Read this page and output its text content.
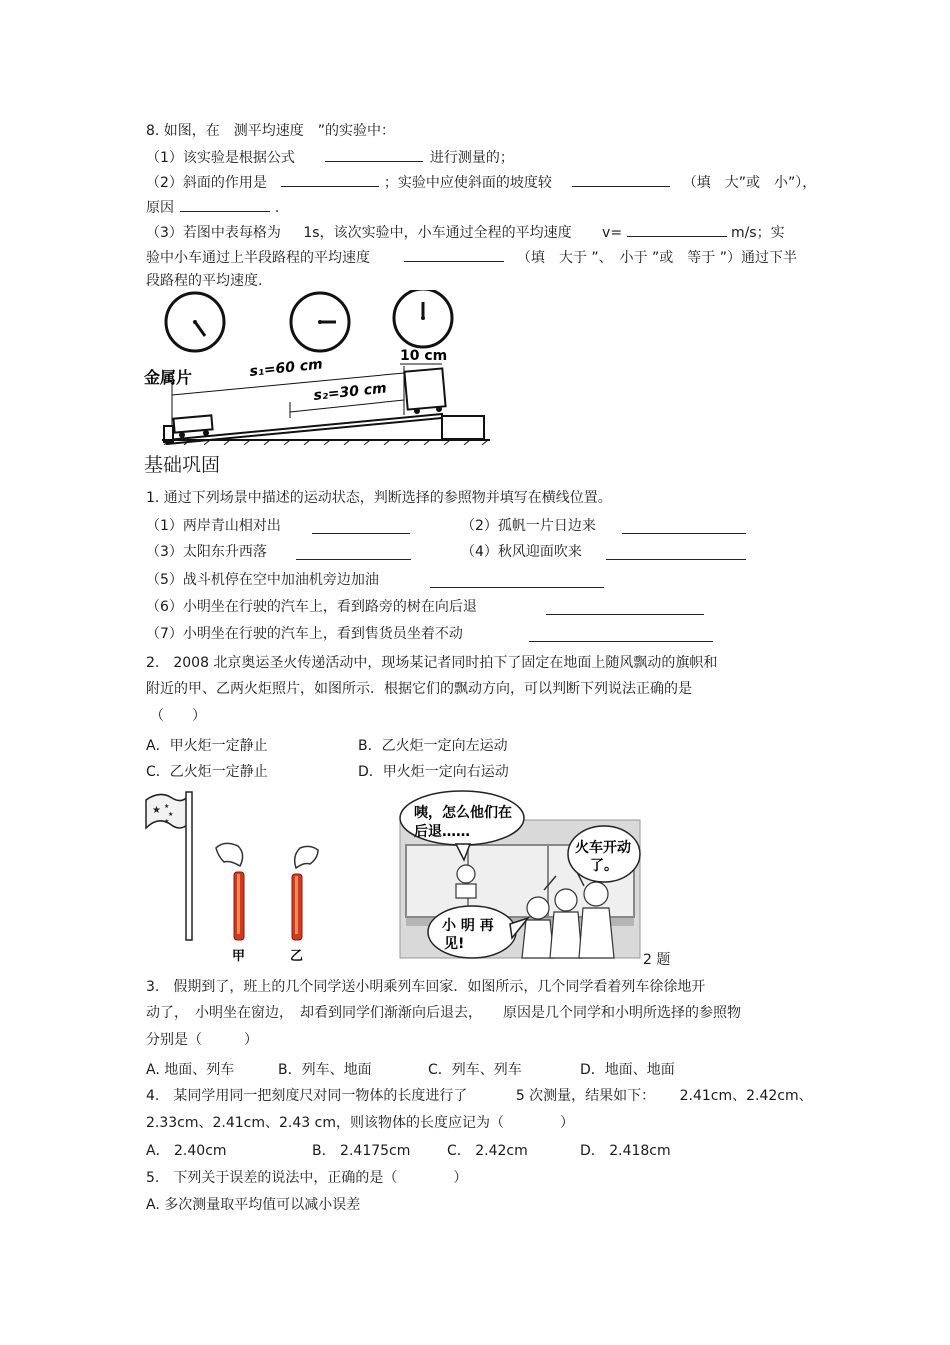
8. 如图，在　测平均速度　”的实验中：
（1）该实验是根据公式	进行测量的；
（2）斜面的作用是	；实验中应使斜面的坡度较	（填　大”或　小”），
原因	.
（3）若图中表每格为 1s，该次实验中，小车通过全程的平均速度 v=	m/s；实
验中小车通过上半段路程的平均速度	（填　大于 ”、　小于 ”或　等于 ”）通过下半
段路程的平均速度.
10 cm
金属片	s₁=60 cm
s₂=30 cm
基础巩固
1. 通过下列场景中描述的运动状态，判断选择的参照物并填写在横线位置。
（1）两岸青山相对出	（2）孤帆一片日边来
（3）太阳东升西落	（4）秋风迎面吹来
（5）战斗机停在空中加油机旁边加油
（6）小明坐在行驶的汽车上，看到路旁的树在向后退
（7）小明坐在行驶的汽车上，看到售货员坐着不动
2.　2008 北京奥运圣火传递活动中，现场某记者同时拍下了固定在地面上随风飘动的旗帜和
附近的甲、乙两火炬照片，如图所示．根据它们的飘动方向，可以判断下列说法正确的是
（　　）
A．甲火炬一定静止	B．乙火炬一定向左运动
C．乙火炬一定静止	D．甲火炬一定向右运动
★ ★
★
★
甲	乙
咦，怎么他们在
后退……
火车开动
了。
小 明 再
见!
2 题
3.　假期到了，班上的几个同学送小明乘列车回家．如图所示，几个同学看着列车徐徐地开
动了，　小明坐在窗边，　却看到同学们渐渐向后退去，　　原因是几个同学和小明所选择的参照物
分别是（　　　）
A. 地面、列车	B．列车、地面	C．列车、列车	D．地面、地面
4.　某同学用同一把刻度尺对同一物体的长度进行了	5 次测量，结果如下： 2.41cm、2.42cm、
2.33cm、2.41cm、2.43 cm，则该物体的长度应记为（　　　　）
A． 2.40cm	B． 2.4175cm	C． 2.42cm	D． 2.418cm
5.　下列关于误差的说法中，正确的是（　　　　）
A. 多次测量取平均值可以减小误差
